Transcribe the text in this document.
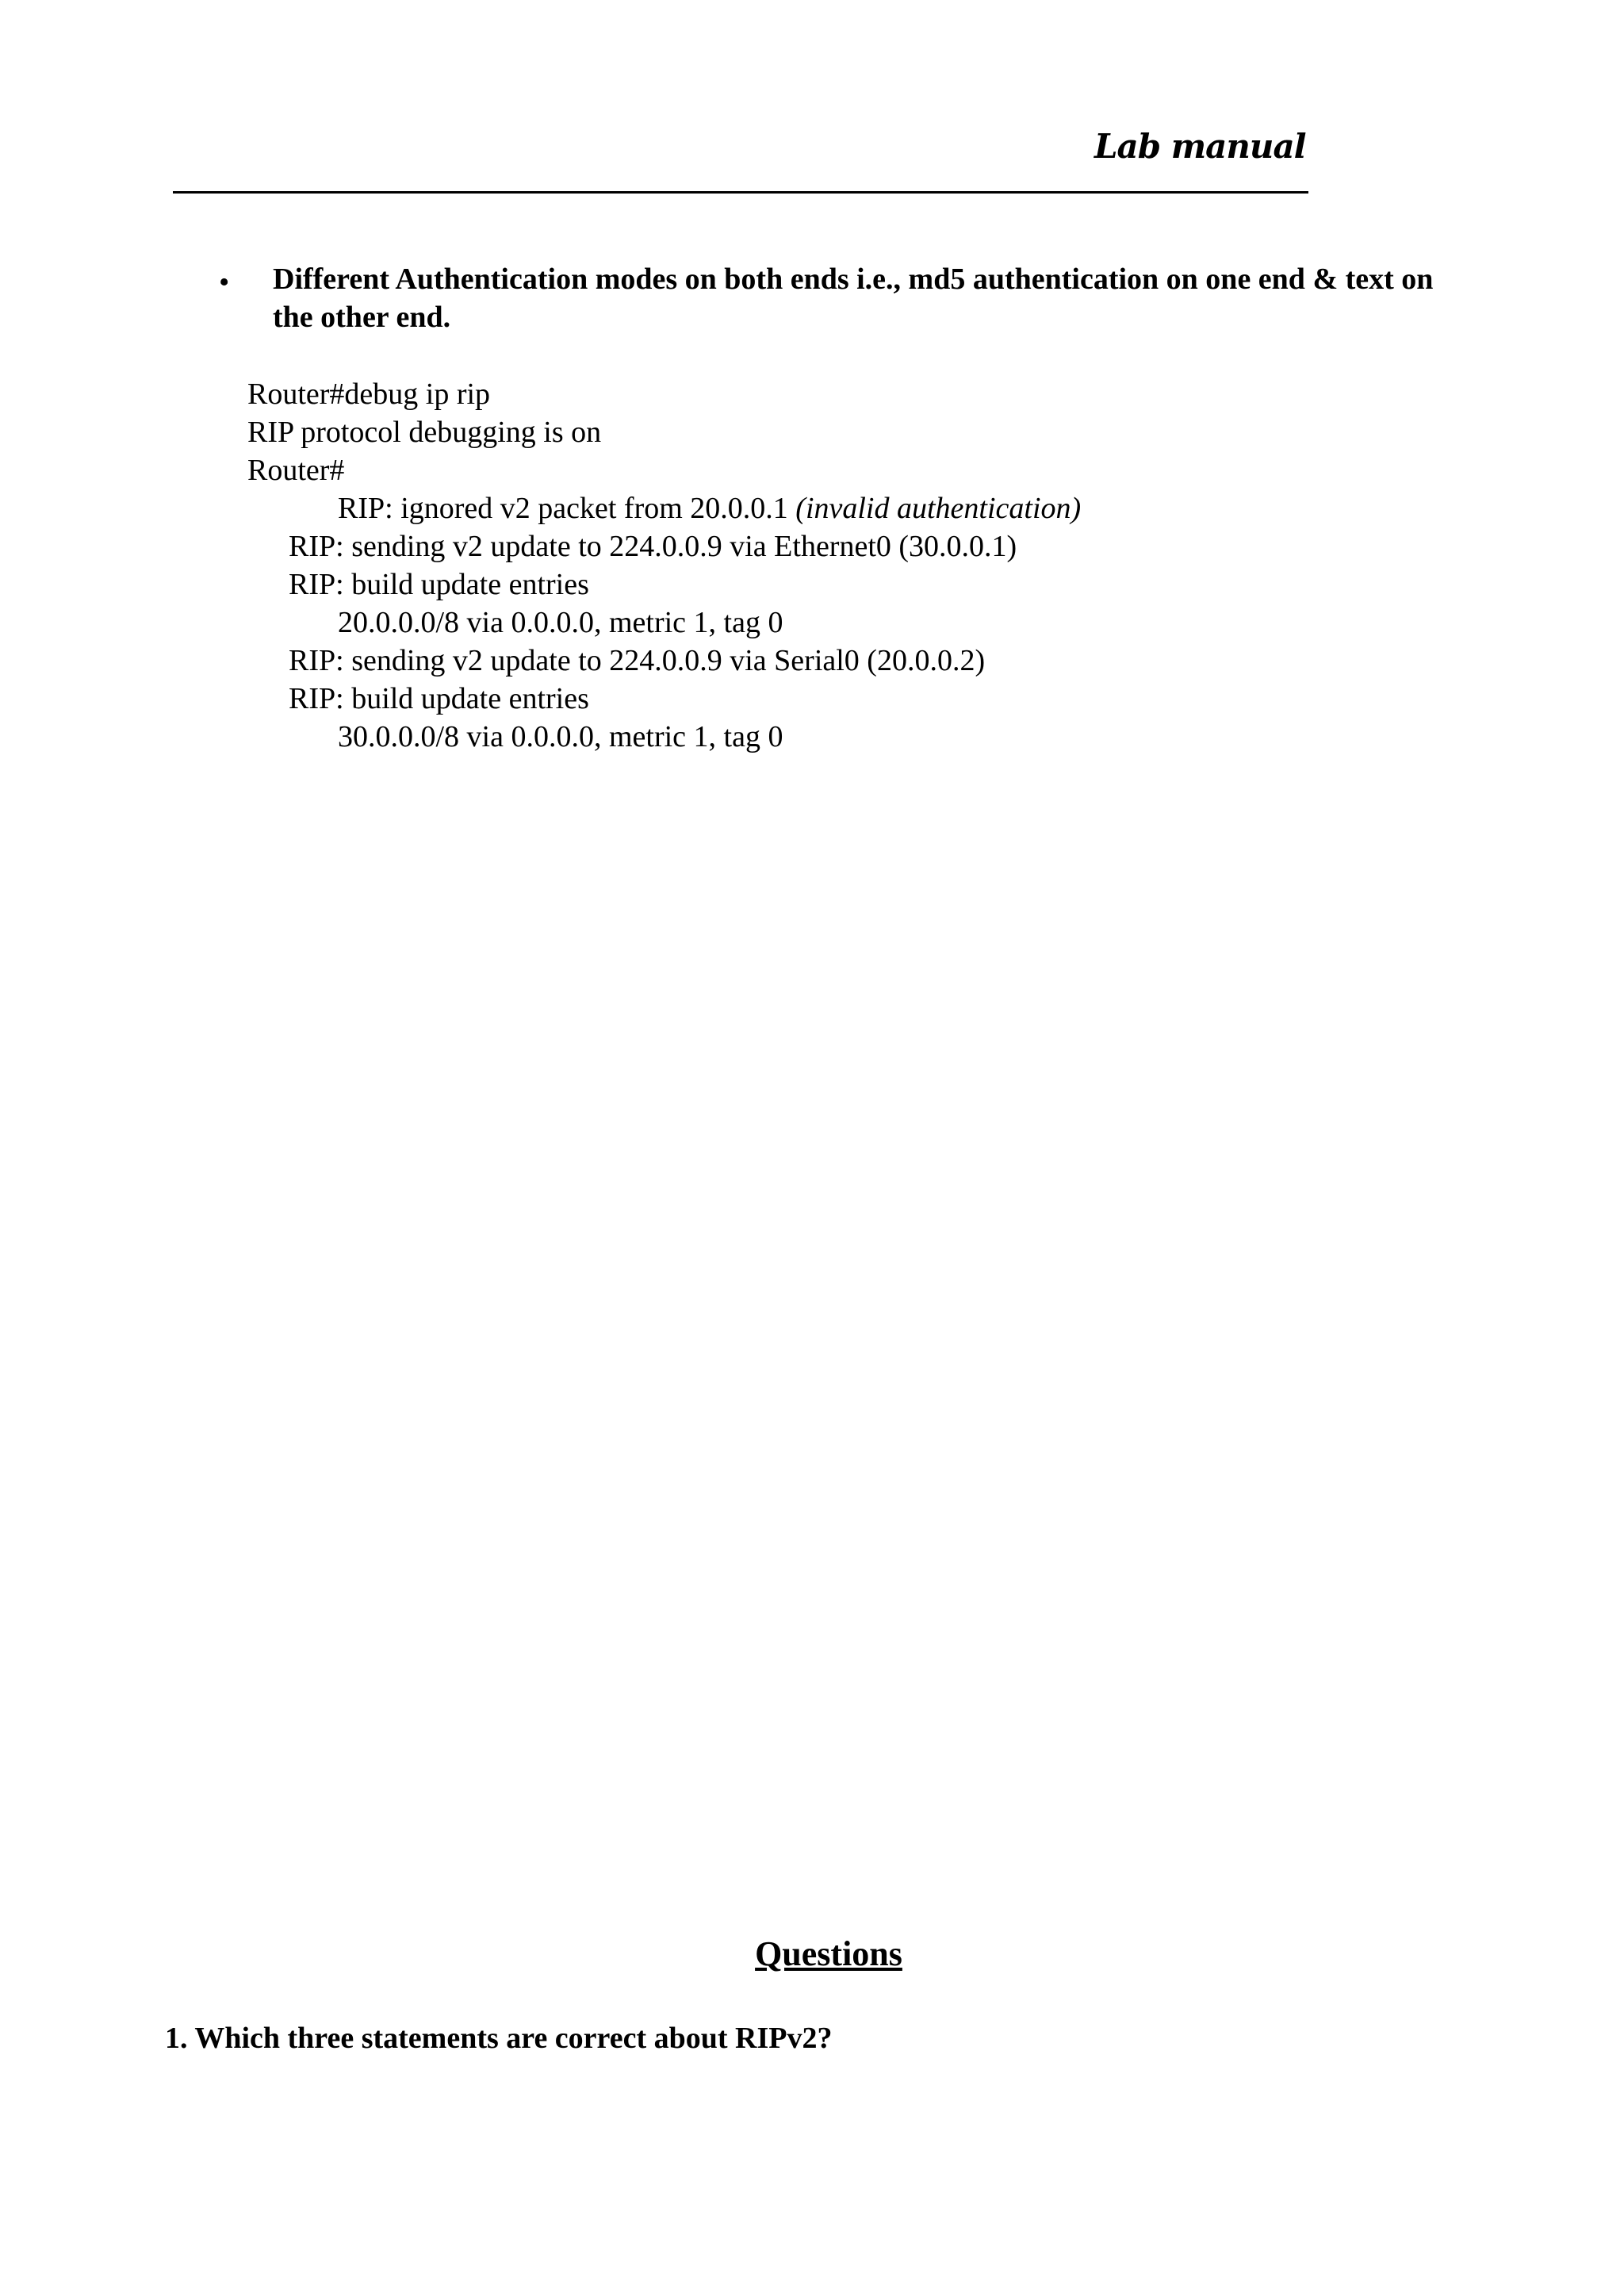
Lab manual
• Different Authentication modes on both ends i.e., md5 authentication on one end & text on the other end.
Router#debug ip rip
RIP protocol debugging is on
Router#
RIP: ignored v2 packet from 20.0.0.1 (invalid authentication)
RIP: sending v2 update to 224.0.0.9 via Ethernet0 (30.0.0.1)
RIP: build update entries
20.0.0.0/8 via 0.0.0.0, metric 1, tag 0
RIP: sending v2 update to 224.0.0.9 via Serial0 (20.0.0.2)
RIP: build update entries
30.0.0.0/8 via 0.0.0.0, metric 1, tag 0
Questions
1. Which three statements are correct about RIPv2?
